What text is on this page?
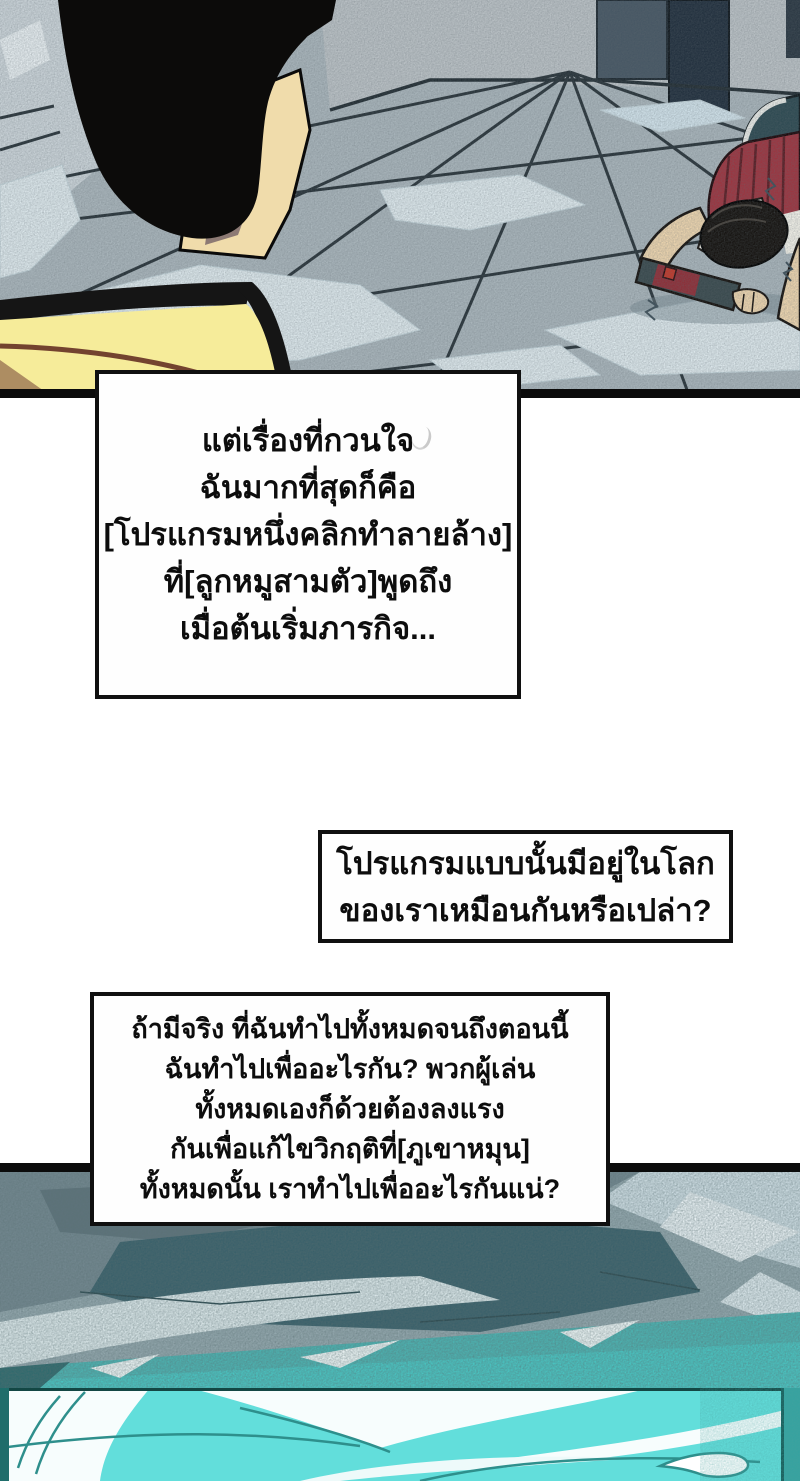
แต่เรื่องที่กวนใจ
ฉันมากที่สุดก็คือ
[โปรแกรมหนึ่งคลิกทำลายล้าง]
ที่[ลูกหมูสามตัว]พูดถึง
เมื่อต้นเริ่มภารกิจ...
โปรแกรมแบบนั้นมีอยู่ในโลก
ของเราเหมือนกันหรือเปล่า?
ถ้ามีจริง ที่ฉันทำไปทั้งหมดจนถึงตอนนี้
ฉันทำไปเพื่ออะไรกัน? พวกผู้เล่น
ทั้งหมดเองก็ด้วยต้องลงแรง
กันเพื่อแก้ไขวิกฤติที่[ภูเขาหมุน]
ทั้งหมดนั้น เราทำไปเพื่ออะไรกันแน่?
